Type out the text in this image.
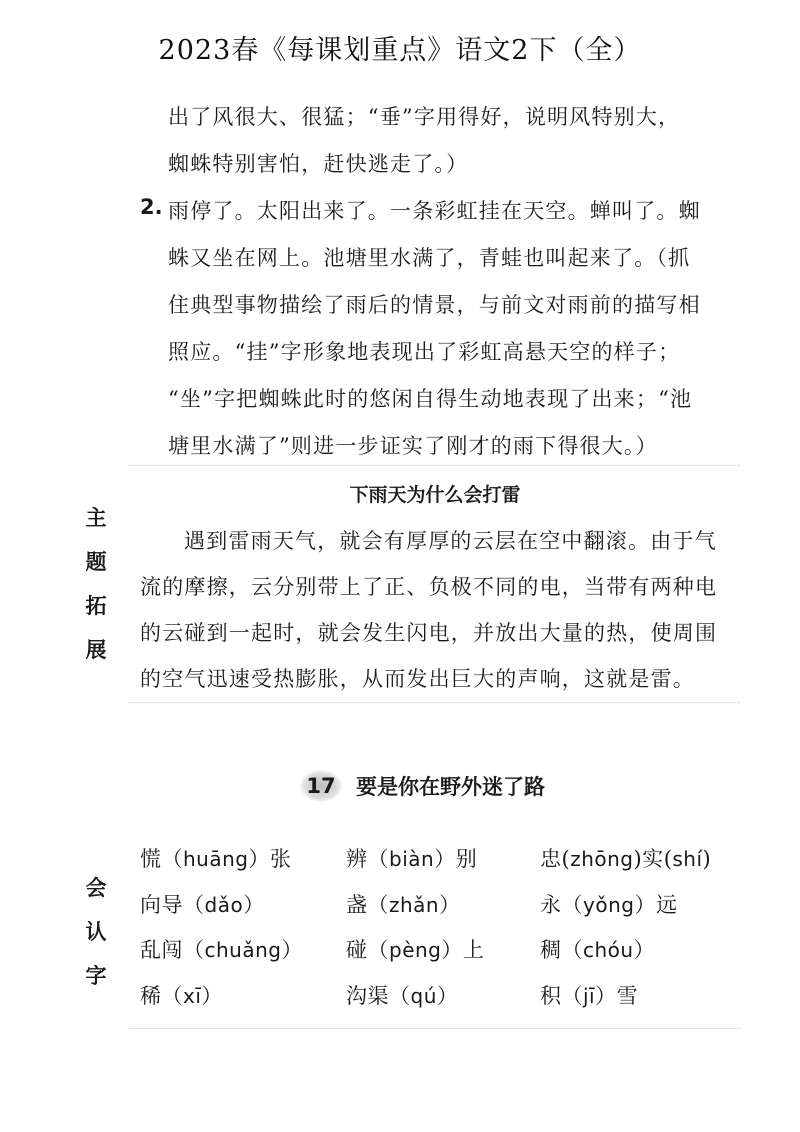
2023春《每课划重点》语文2下（全）
出了风很大、很猛；“垂”字用得好，说明风特别大，
蜘蛛特别害怕，赶快逃走了。）
2. 雨停了。太阳出来了。一条彩虹挂在天空。蝉叫了。蜘
蛛又坐在网上。池塘里水满了，青蛙也叫起来了。（抓
住典型事物描绘了雨后的情景，与前文对雨前的描写相
照应。“挂”字形象地表现出了彩虹高悬天空的样子；
“坐”字把蜘蛛此时的悠闲自得生动地表现了出来；“池
塘里水满了”则进一步证实了刚才的雨下得很大。）
主
题
拓
展
下雨天为什么会打雷
遇到雷雨天气，就会有厚厚的云层在空中翻滚。由于气
流的摩擦，云分别带上了正、负极不同的电，当带有两种电
的云碰到一起时，就会发生闪电，并放出大量的热，使周围
的空气迅速受热膨胀，从而发出巨大的声响，这就是雷。
17 要是你在野外迷了路
会
认
字
慌（huāng）张	辨（biàn）别	忠(zhōng)实(shí)
向导（dǎo）	盏（zhǎn）	永（yǒng）远
乱闯（chuǎng） 碰（pèng）上	稠（chóu）
稀（xī）	沟渠（qú）	积（jī）雪
